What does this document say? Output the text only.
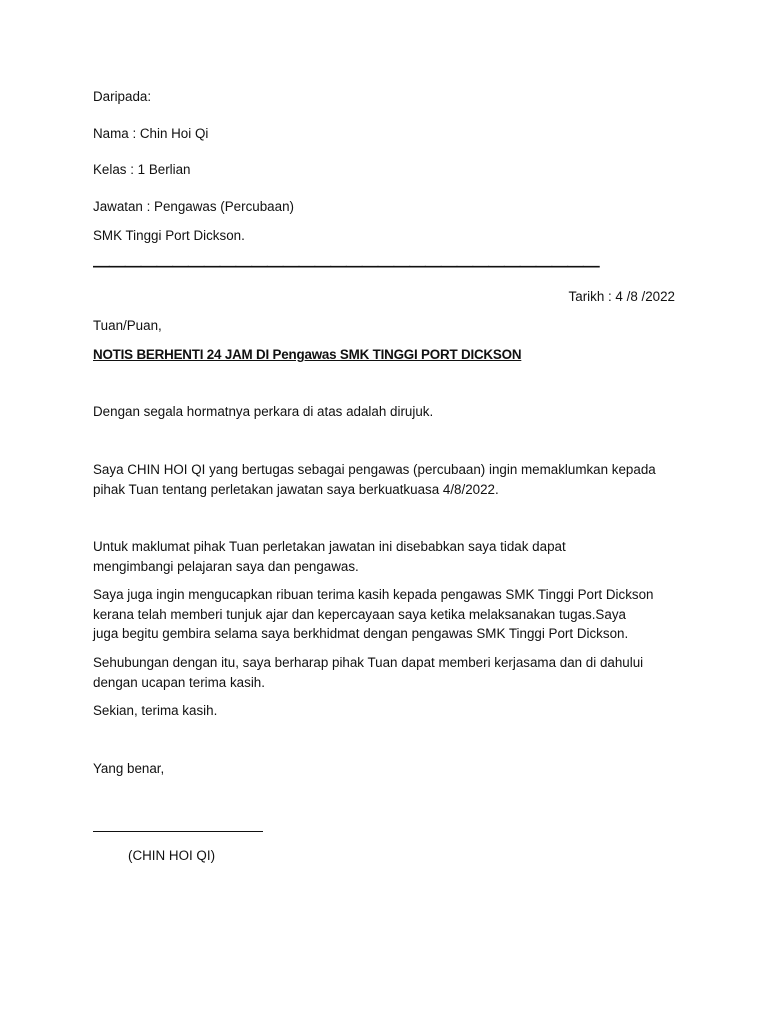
Daripada:
Nama : Chin Hoi Qi
Kelas : 1 Berlian
Jawatan : Pengawas (Percubaan)
SMK Tinggi Port Dickson.
————————————————————————————————
Tarikh : 4 /8 /2022
Tuan/Puan,
NOTIS BERHENTI 24 JAM DI Pengawas SMK TINGGI PORT DICKSON
Dengan segala hormatnya perkara di atas adalah dirujuk.
Saya CHIN HOI QI yang bertugas sebagai pengawas (percubaan) ingin memaklumkan kepada
pihak Tuan tentang perletakan jawatan saya berkuatkuasa 4/8/2022.
Untuk maklumat pihak Tuan perletakan jawatan ini disebabkan saya tidak dapat
mengimbangi pelajaran saya dan pengawas.
Saya juga ingin mengucapkan ribuan terima kasih kepada pengawas SMK Tinggi Port Dickson
kerana telah memberi tunjuk ajar dan kepercayaan saya ketika melaksanakan tugas.Saya
juga begitu gembira selama saya berkhidmat dengan pengawas SMK Tinggi Port Dickson.
Sehubungan dengan itu, saya berharap pihak Tuan dapat memberi kerjasama dan di dahului
dengan ucapan terima kasih.
Sekian, terima kasih.
Yang benar,
(CHIN HOI QI)
